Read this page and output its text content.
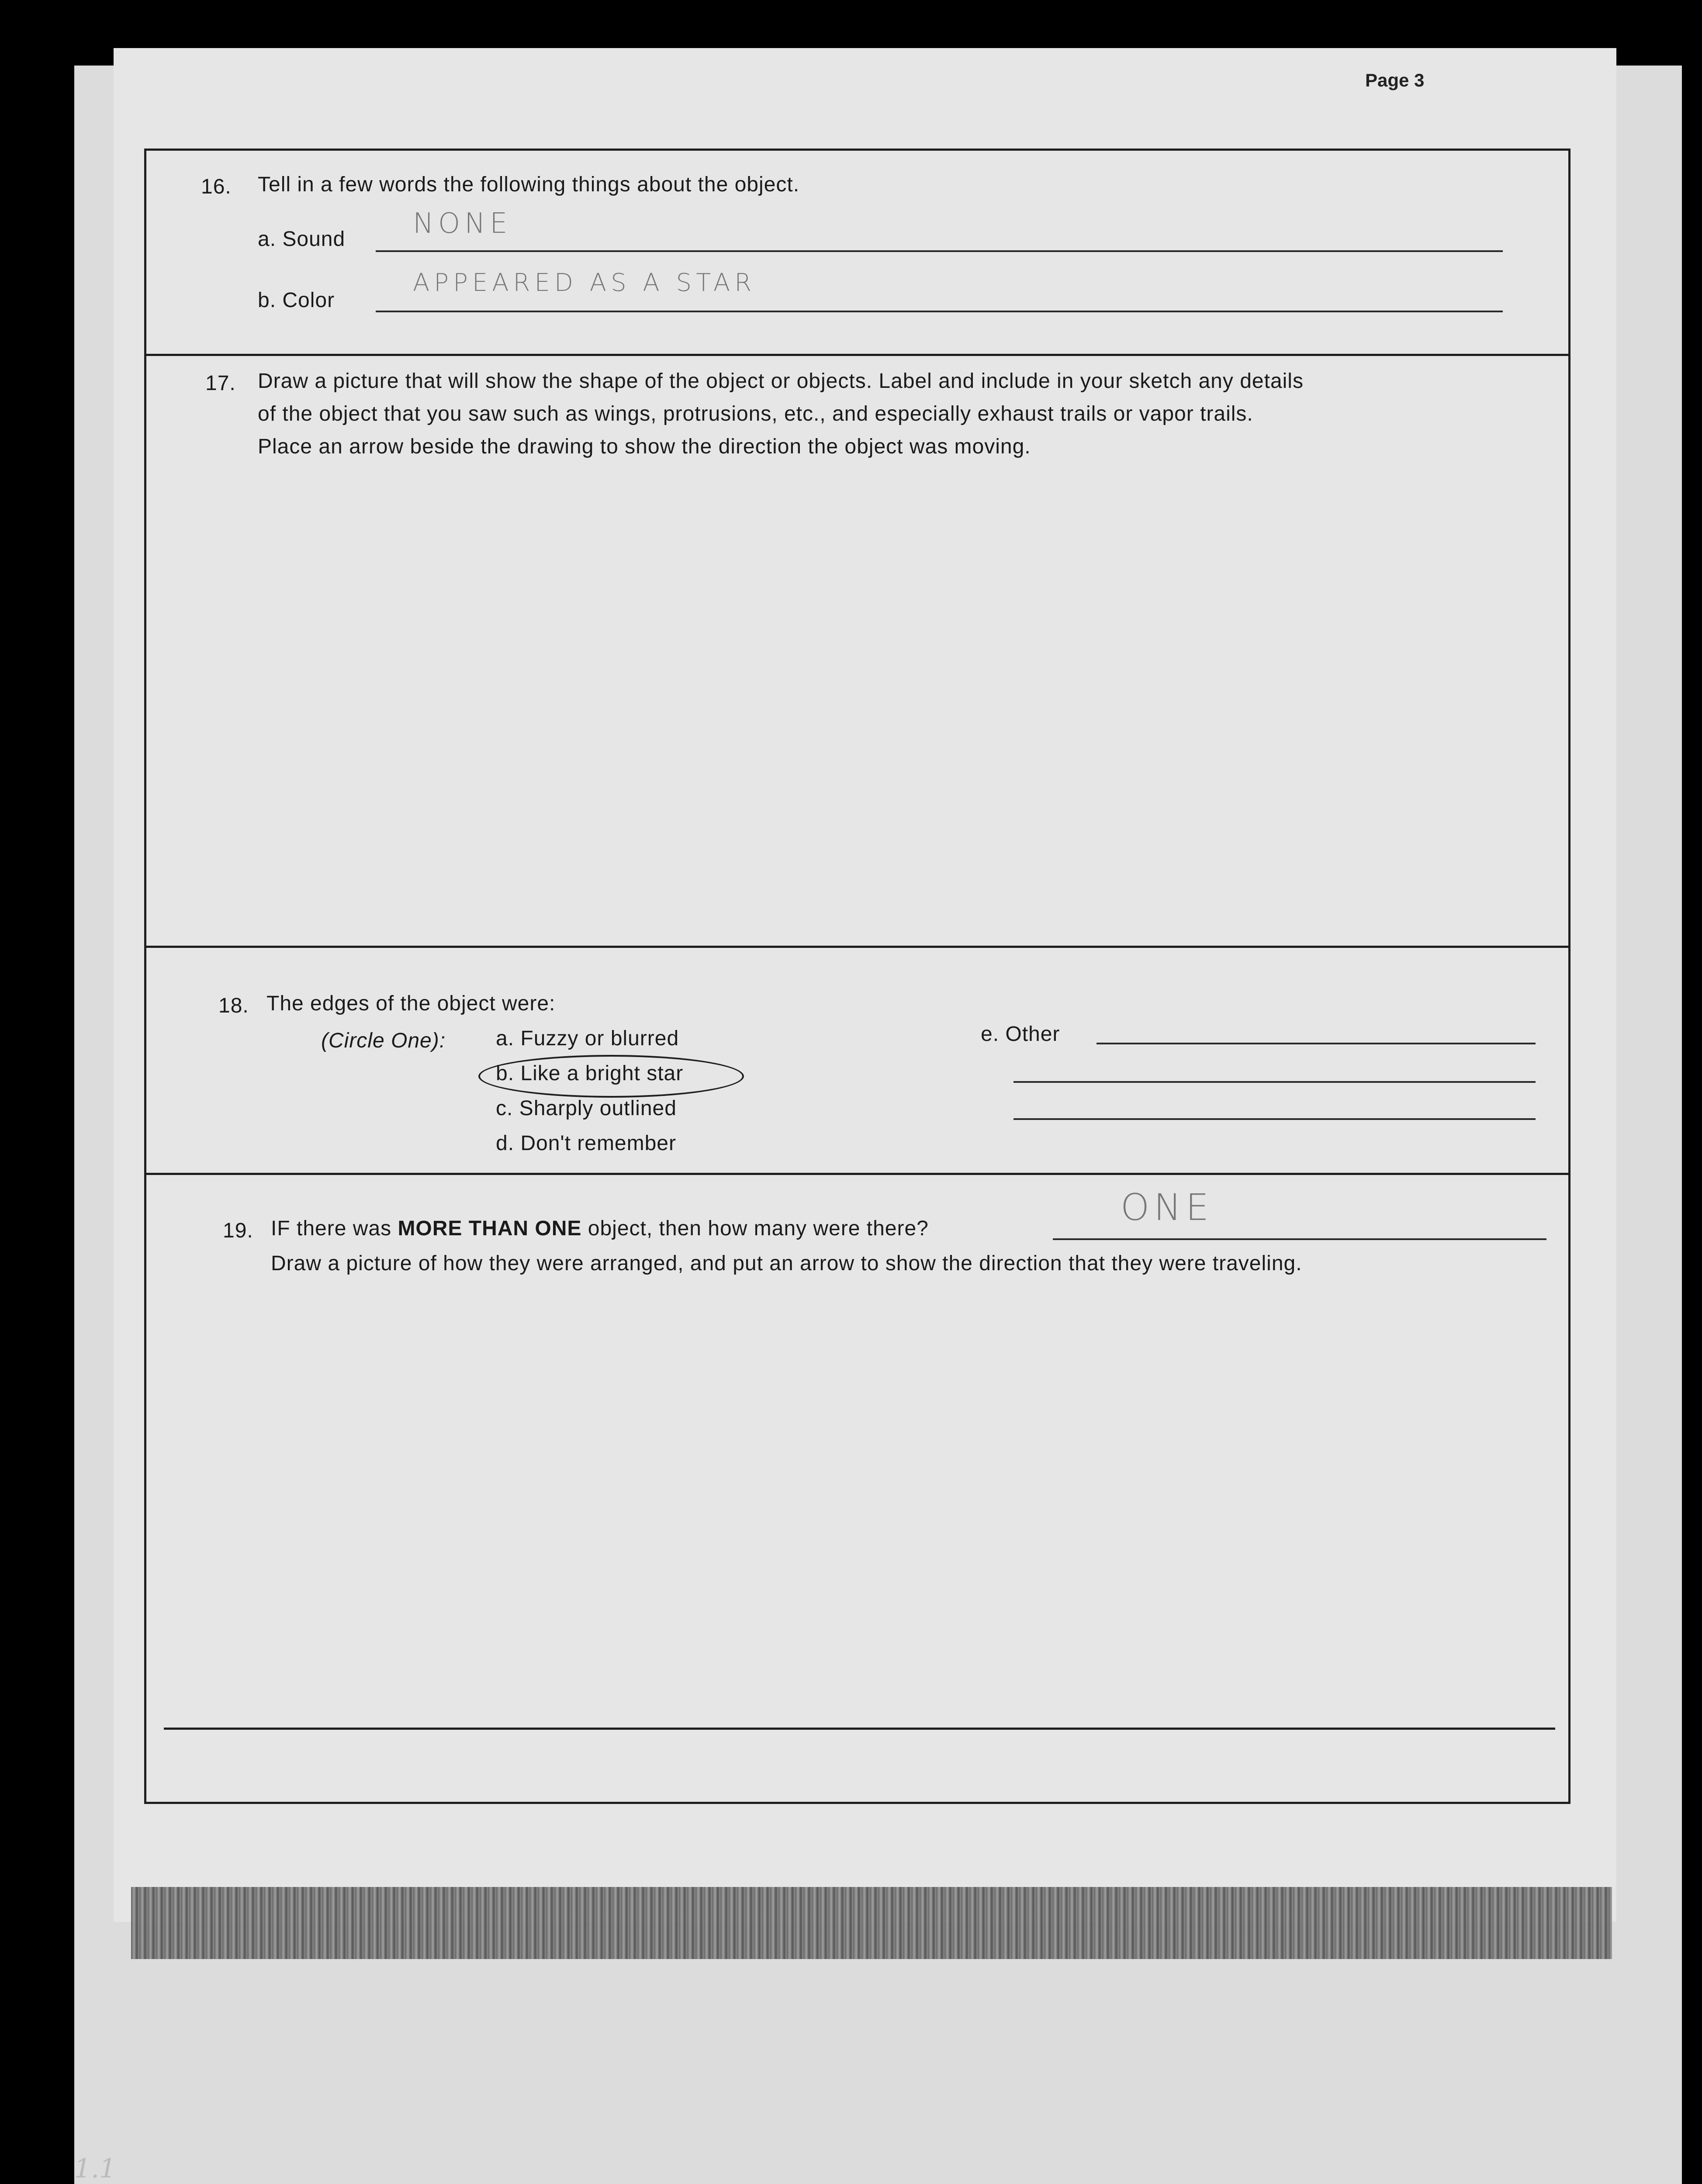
Page 3
16. Tell in a few words the following things about the object.
a. Sound NONE
b. Color
APPEARED AS A STAR
17. Draw a picture that will show the shape of the object or objects. Label and include in your sketch any details
of the object that you saw such as wings, protrusions, etc., and especially exhaust trails or vapor trails.
Place an arrow beside the drawing to show the direction the object was moving.
18. The edges of the object were:
(Circle One): a. Fuzzy or blurred
b. Like a bright star
c. Sharply outlined
d. Don't remember
e. Other
19. IF there was MORE THAN ONE object, then how many were there?	ONE
Draw a picture of how they were arranged, and put an arrow to show the direction that they were traveling.
1.1
